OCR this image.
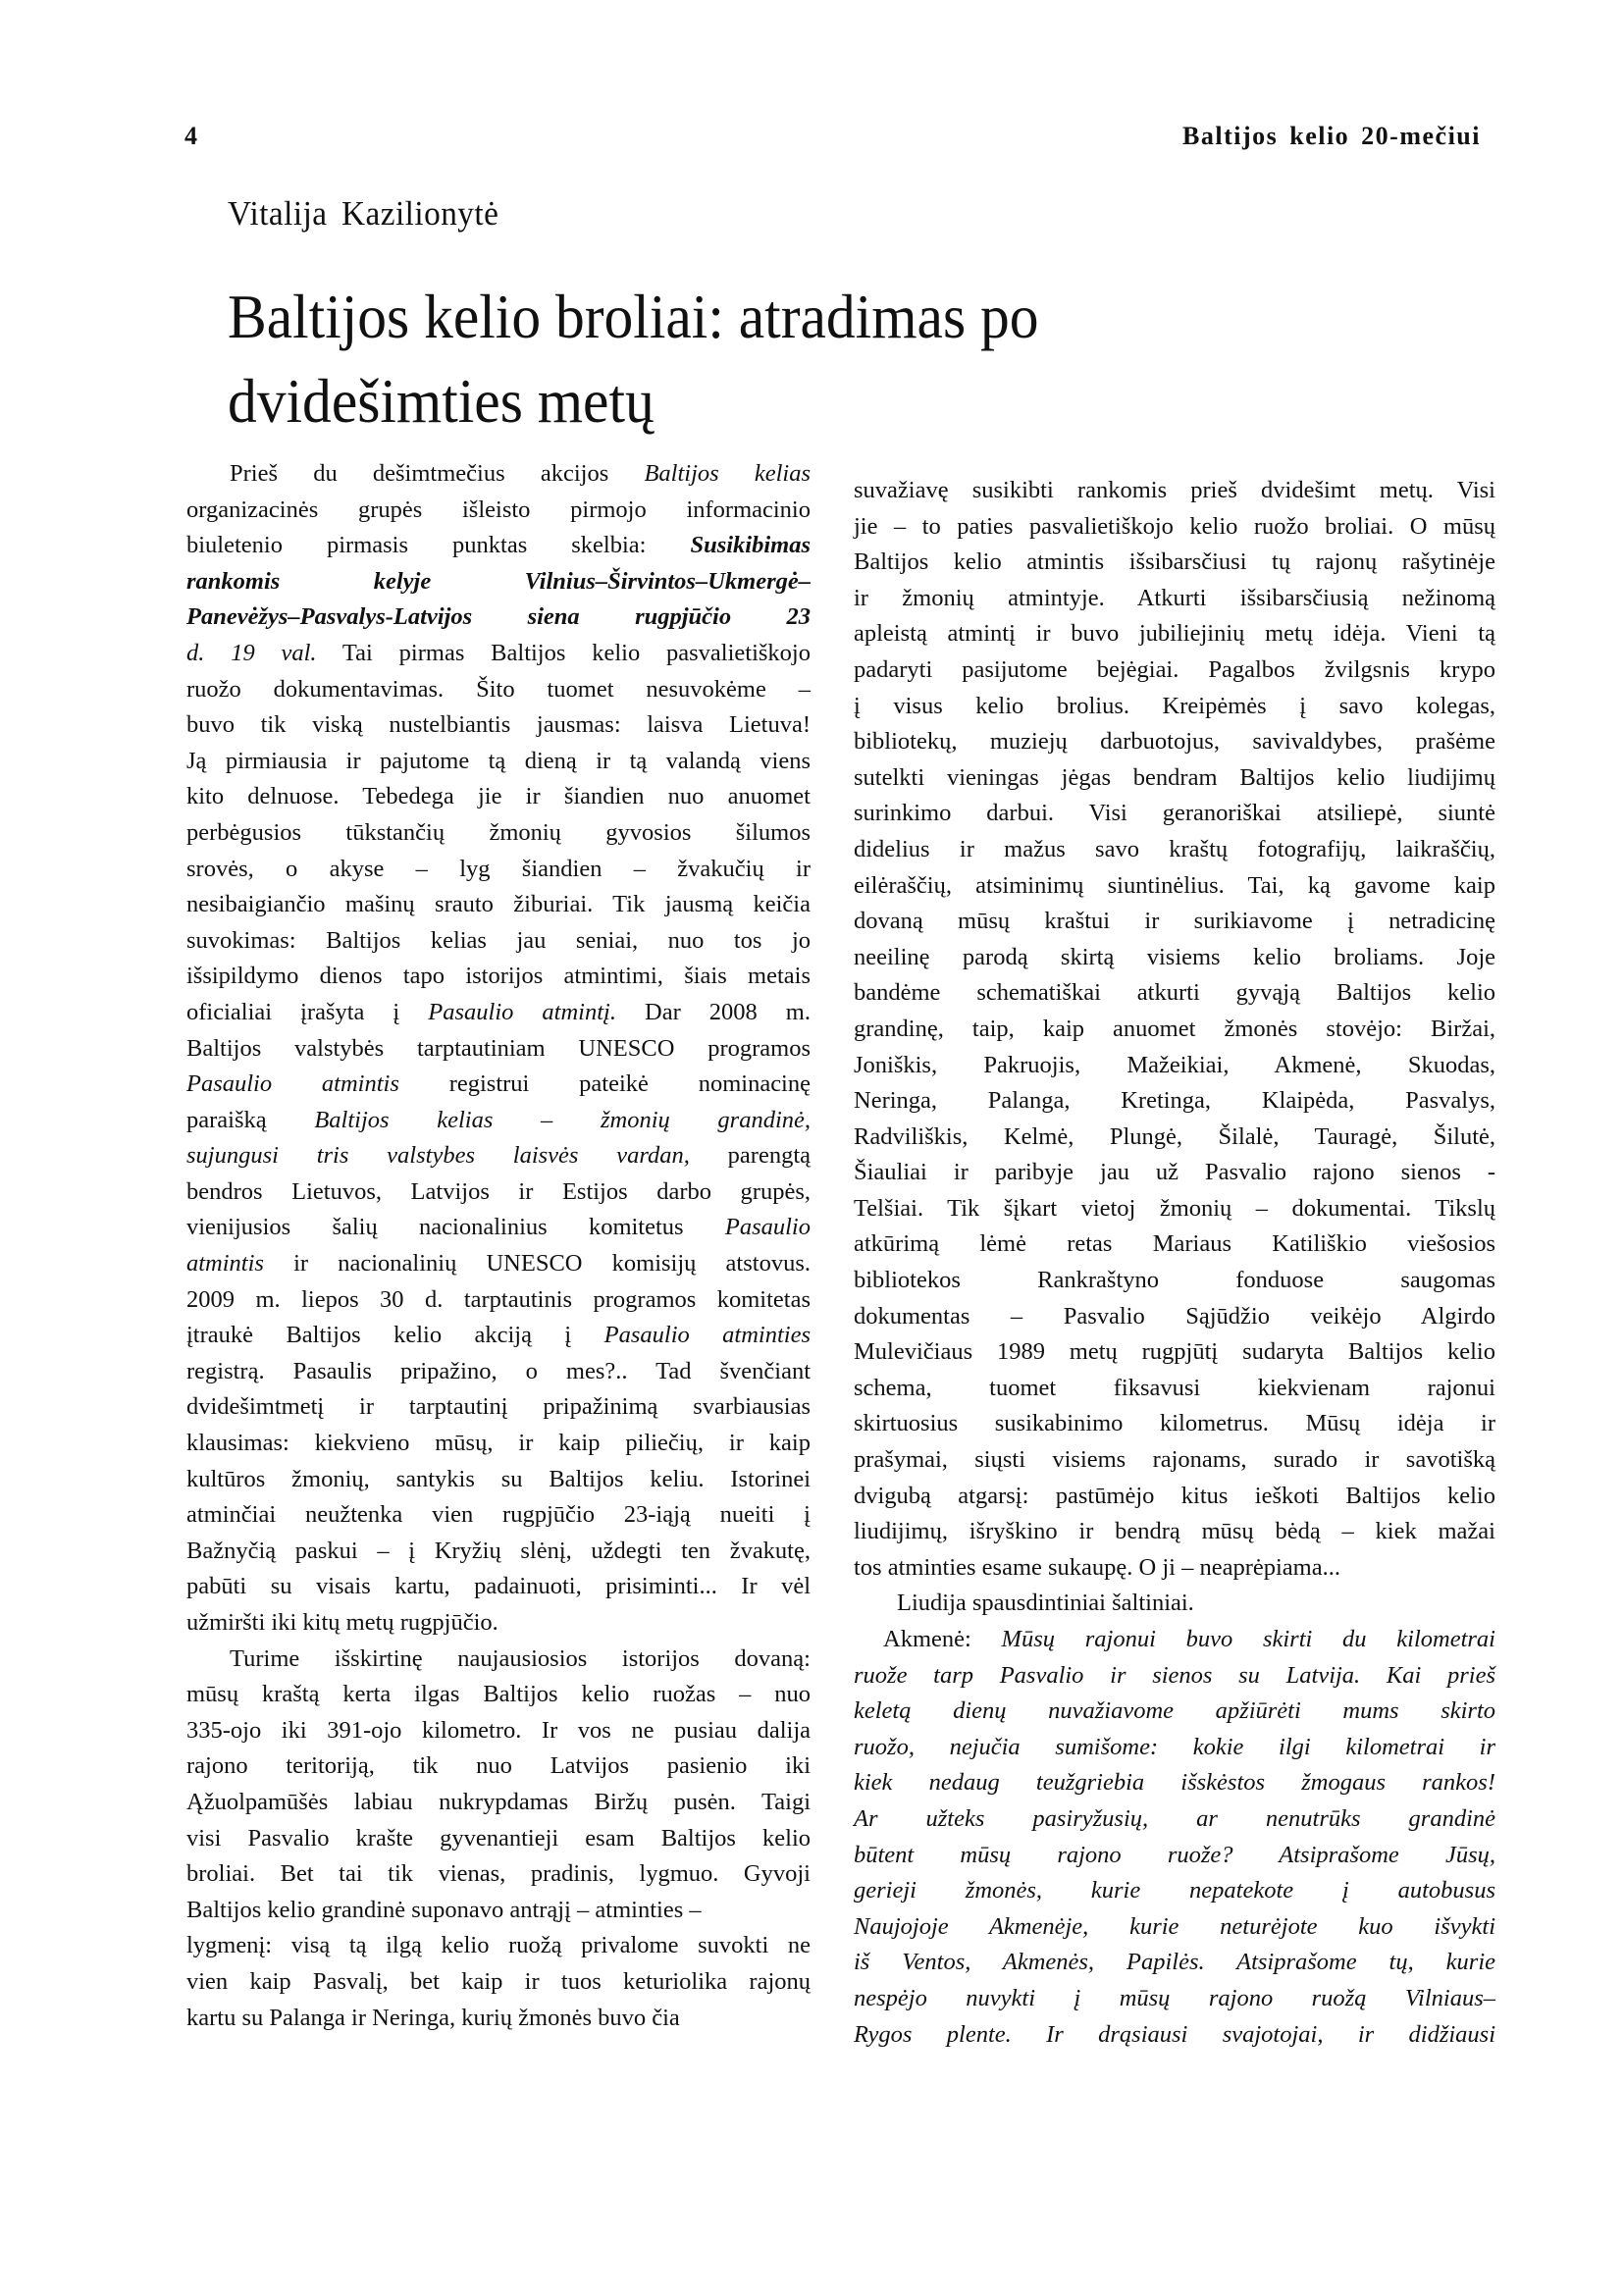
4	Baltijos kelio 20-mečiui
Vitalija Kazilionytė
Baltijos kelio broliai: atradimas po
dvidešimties metų
Prieš du dešimtmečius akcijos Baltijos kelias
organizacinės grupės išleisto pirmojo informacinio
biuletenio pirmasis punktas skelbia: Susikibimas
rankomis kelyje Vilnius–Širvintos–Ukmergė–
Panevėžys–Pasvalys-Latvijos siena rugpjūčio 23
d. 19 val. Tai pirmas Baltijos kelio pasvalietiškojo
ruožo dokumentavimas. Šito tuomet nesuvokėme –
buvo tik viską nustelbiantis jausmas: laisva Lietuva!
Ją pirmiausia ir pajutome tą dieną ir tą valandą viens
kito delnuose. Tebedega jie ir šiandien nuo anuomet
perbėgusios tūkstančių žmonių gyvosios šilumos
srovės, o akyse – lyg šiandien – žvakučių ir
nesibaigiančio mašinų srauto žiburiai. Tik jausmą keičia
suvokimas: Baltijos kelias jau seniai, nuo tos jo
išsipildymo dienos tapo istorijos atmintimi, šiais metais
oficialiai įrašyta į Pasaulio atmintį. Dar 2008 m.
Baltijos valstybės tarptautiniam UNESCO programos
Pasaulio atmintis registrui pateikė nominacinę
paraišką Baltijos kelias – žmonių grandinė,
sujungusi tris valstybes laisvės vardan, parengtą
bendros Lietuvos, Latvijos ir Estijos darbo grupės,
vienijusios šalių nacionalinius komitetus Pasaulio
atmintis ir nacionalinių UNESCO komisijų atstovus.
2009 m. liepos 30 d. tarptautinis programos komitetas
įtraukė Baltijos kelio akciją į Pasaulio atminties
registrą. Pasaulis pripažino, o mes?.. Tad švenčiant
dvidešimtmetį ir tarptautinį pripažinimą svarbiausias
klausimas: kiekvieno mūsų, ir kaip piliečių, ir kaip
kultūros žmonių, santykis su Baltijos keliu. Istorinei
atminčiai neužtenka vien rugpjūčio 23-iąją nueiti į
Bažnyčią paskui – į Kryžių slėnį, uždegti ten žvakutę,
pabūti su visais kartu, padainuoti, prisiminti... Ir vėl
užmiršti iki kitų metų rugpjūčio.
Turime išskirtinę naujausiosios istorijos dovaną:
mūsų kraštą kerta ilgas Baltijos kelio ruožas – nuo
335-ojo iki 391-ojo kilometro. Ir vos ne pusiau dalija
rajono teritoriją, tik nuo Latvijos pasienio iki
Ąžuolpamūšės labiau nukrypdamas Biržų pusėn. Taigi
visi Pasvalio krašte gyvenantieji esam Baltijos kelio
broliai. Bet tai tik vienas, pradinis, lygmuo. Gyvoji
Baltijos kelio grandinė suponavo antrąjį – atminties –
lygmenį: visą tą ilgą kelio ruožą privalome suvokti ne
vien kaip Pasvalį, bet kaip ir tuos keturiolika rajonų
kartu su Palanga ir Neringa, kurių žmonės buvo čia
suvažiavę susikibti rankomis prieš dvidešimt metų. Visi
jie – to paties pasvalietiškojo kelio ruožo broliai. O mūsų
Baltijos kelio atmintis išsibarsčiusi tų rajonų rašytinėje
ir žmonių atmintyje. Atkurti išsibarsčiusią nežinomą
apleistą atmintį ir buvo jubiliejinių metų idėja. Vieni tą
padaryti pasijutome bejėgiai. Pagalbos žvilgsnis krypo
į visus kelio brolius. Kreipėmės į savo kolegas,
bibliotekų, muziejų darbuotojus, savivaldybes, prašėme
sutelkti vieningas jėgas bendram Baltijos kelio liudijimų
surinkimo darbui. Visi geranoriškai atsiliepė, siuntė
didelius ir mažus savo kraštų fotografijų, laikraščių,
eilėraščių, atsiminimų siuntinėlius. Tai, ką gavome kaip
dovaną mūsų kraštui ir surikiavome į netradicinę
neeilinę parodą skirtą visiems kelio broliams. Joje
bandėme schematiškai atkurti gyvąją Baltijos kelio
grandinę, taip, kaip anuomet žmonės stovėjo: Biržai,
Joniškis, Pakruojis, Mažeikiai, Akmenė, Skuodas,
Neringa, Palanga, Kretinga, Klaipėda, Pasvalys,
Radviliškis, Kelmė, Plungė, Šilalė, Tauragė, Šilutė,
Šiauliai ir paribyje jau už Pasvalio rajono sienos -
Telšiai. Tik šįkart vietoj žmonių – dokumentai. Tikslų
atkūrimą lėmė retas Mariaus Katiliškio viešosios
bibliotekos Rankraštyno fonduose saugomas
dokumentas – Pasvalio Sąjūdžio veikėjo Algirdo
Mulevičiaus 1989 metų rugpjūtį sudaryta Baltijos kelio
schema, tuomet fiksavusi kiekvienam rajonui
skirtuosius susikabinimo kilometrus. Mūsų idėja ir
prašymai, siųsti visiems rajonams, surado ir savotišką
dvigubą atgarsį: pastūmėjo kitus ieškoti Baltijos kelio
liudijimų, išryškino ir bendrą mūsų bėdą – kiek mažai
tos atminties esame sukaupę. O ji – neaprėpiama...
Liudija spausdintiniai šaltiniai.
Akmenė: Mūsų rajonui buvo skirti du kilometrai
ruože tarp Pasvalio ir sienos su Latvija. Kai prieš
keletą dienų nuvažiavome apžiūrėti mums skirto
ruožo, nejučia sumišome: kokie ilgi kilometrai ir
kiek nedaug teužgriebia išskėstos žmogaus rankos!
Ar užteks pasiryžusių, ar nenutrūks grandinė
būtent mūsų rajono ruože? Atsiprašome Jūsų,
gerieji žmonės, kurie nepatekote į autobusus
Naujojoje Akmenėje, kurie neturėjote kuo išvykti
iš Ventos, Akmenės, Papilės. Atsiprašome tų, kurie
nespėjo nuvykti į mūsų rajono ruožą Vilniaus–
Rygos plente. Ir drąsiausi svajotojai, ir didžiausi
